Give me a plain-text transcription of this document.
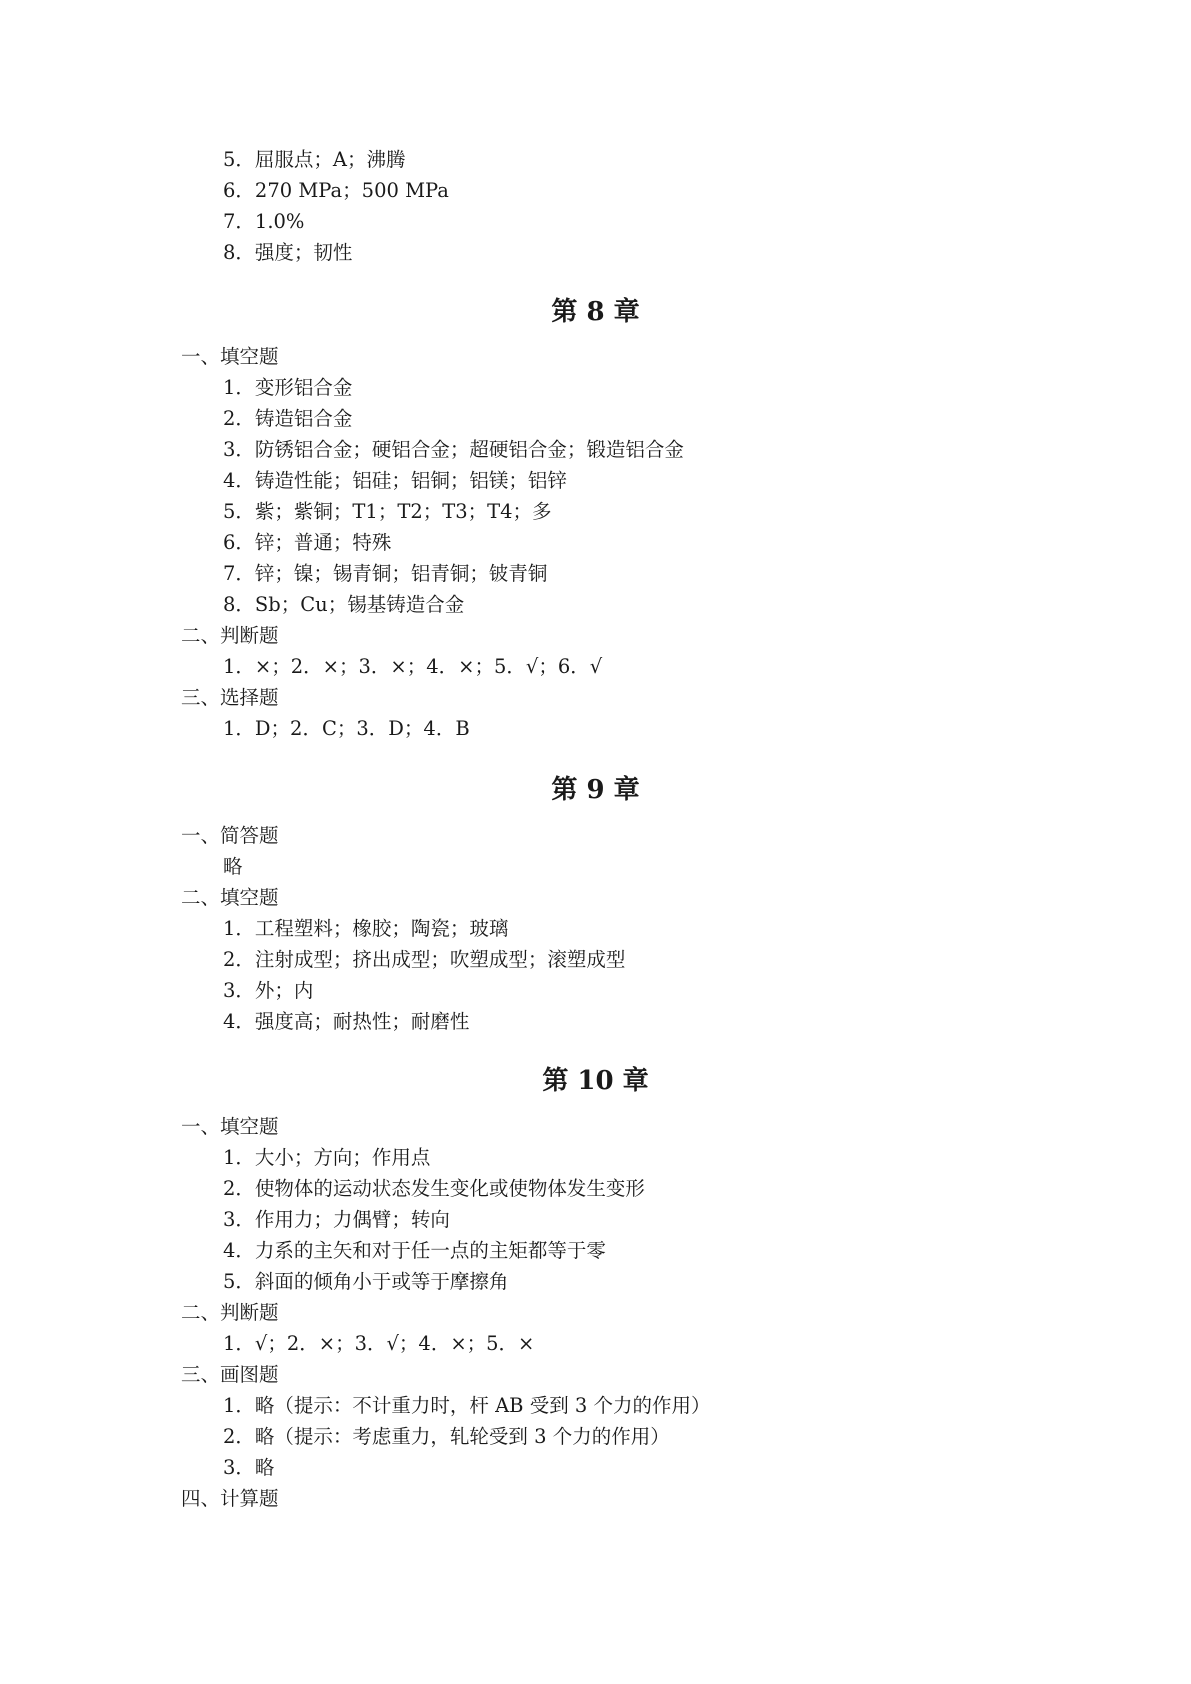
5．屈服点；A；沸腾
6．270 MPa；500 MPa
7．1.0%
8．强度；韧性
第 8 章
一、填空题
1．变形铝合金
2．铸造铝合金
3．防锈铝合金；硬铝合金；超硬铝合金；锻造铝合金
4．铸造性能；铝硅；铝铜；铝镁；铝锌
5．紫；紫铜；T1；T2；T3；T4；多
6．锌；普通；特殊
7．锌；镍；锡青铜；铝青铜；铍青铜
8．Sb；Cu；锡基铸造合金
二、判断题
1．×；2．×；3．×；4．×；5．√；6．√
三、选择题
1．D；2．C；3．D；4．B
第 9 章
一、简答题
略
二、填空题
1．工程塑料；橡胶；陶瓷；玻璃
2．注射成型；挤出成型；吹塑成型；滚塑成型
3．外；内
4．强度高；耐热性；耐磨性
第 10 章
一、填空题
1．大小；方向；作用点
2．使物体的运动状态发生变化或使物体发生变形
3．作用力；力偶臂；转向
4．力系的主矢和对于任一点的主矩都等于零
5．斜面的倾角小于或等于摩擦角
二、判断题
1．√；2．×；3．√；4．×；5．×
三、画图题
1．略（提示：不计重力时，杆 AB 受到 3 个力的作用）
2．略（提示：考虑重力，轧轮受到 3 个力的作用）
3．略
四、计算题
